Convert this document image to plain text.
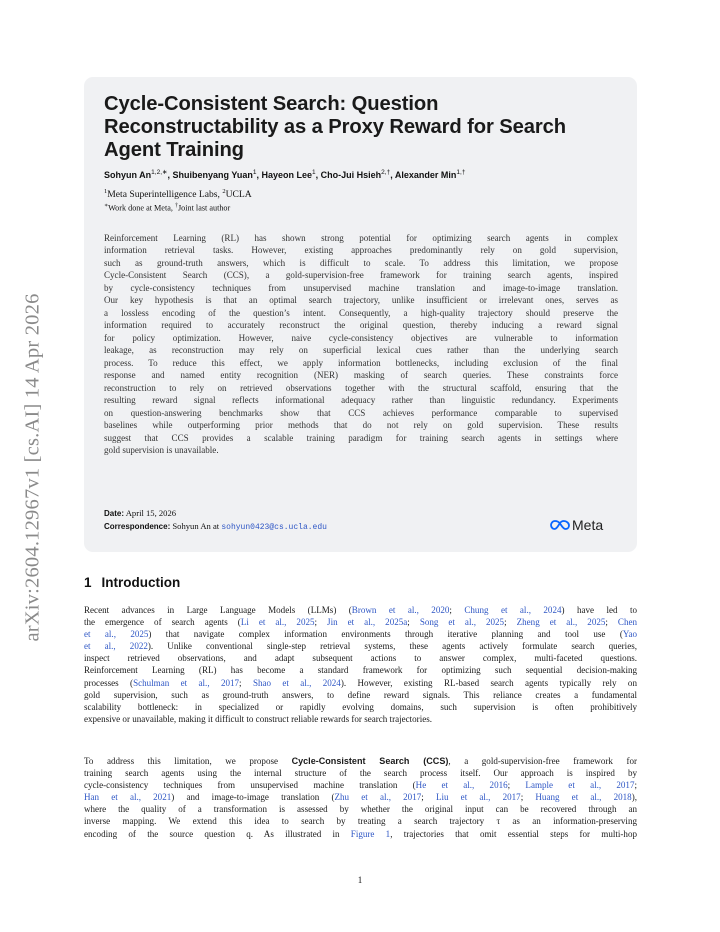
arXiv:2604.12967v1 [cs.AI] 14 Apr 2026
Cycle-Consistent Search: Question
Reconstructability as a Proxy Reward for Search
Agent Training
Sohyun $An^{1,2,∗}$, Shuibenyang Yuan$^1$, Hayeon Lee$^1$, Cho-Jui Hsieh$^{2,\dagger}$, Alexander Min$^{1,\dagger}$
$^1$Meta Superintelligence Labs, $^2$UCLA
∗Work done at Meta, †Joint last author
Reinforcement Learning (RL) has shown strong potential for optimizing search agents in complex
information retrieval tasks. However, existing approaches predominantly rely on gold supervision,
such as ground-truth answers, which is difficult to scale. To address this limitation, we propose
Cycle-Consistent Search (CCS), a gold-supervision-free framework for training search agents, inspired
by cycle-consistency techniques from unsupervised machine translation and image-to-image translation.
Our key hypothesis is that an optimal search trajectory, unlike insufficient or irrelevant ones, serves as
a lossless encoding of the question’s intent. Consequently, a high-quality trajectory should preserve the
information required to accurately reconstruct the original question, thereby inducing a reward signal
for policy optimization. However, naive cycle-consistency objectives are vulnerable to information
leakage, as reconstruction may rely on superficial lexical cues rather than the underlying search
process. To reduce this effect, we apply information bottlenecks, including exclusion of the final
response and named entity recognition (NER) masking of search queries. These constraints force
reconstruction to rely on retrieved observations together with the structural scaffold, ensuring that the
resulting reward signal reflects informational adequacy rather than linguistic redundancy. Experiments
on question-answering benchmarks show that CCS achieves performance comparable to supervised
baselines while outperforming prior methods that do not rely on gold supervision. These results
suggest that CCS provides a scalable training paradigm for training search agents in settings where
gold supervision is unavailable.
Date: April 15, 2026
Correspondence: Sohyun An at sohyun0423@cs.ucla.edu	Meta
1 Introduction
Recent advances in Large Language Models (LLMs) (Brown et al., 2020; Chung et al., 2024) have led to
the emergence of search agents (Li et al., 2025; Jin et al., 2025a; Song et al., 2025; Zheng et al., 2025; Chen
et al., 2025) that navigate complex information environments through iterative planning and tool use (Yao
et al., 2022). Unlike conventional single-step retrieval systems, these agents actively formulate search queries,
inspect retrieved observations, and adapt subsequent actions to answer complex, multi-faceted questions.
Reinforcement Learning (RL) has become a standard framework for optimizing such sequential decision-making
processes (Schulman et al., 2017; Shao et al., 2024). However, existing RL-based search agents typically rely on
gold supervision, such as ground-truth answers, to define reward signals. This reliance creates a fundamental
scalability bottleneck: in specialized or rapidly evolving domains, such supervision is often prohibitively
expensive or unavailable, making it difficult to construct reliable rewards for search trajectories.
To address this limitation, we propose Cycle-Consistent Search (CCS), a gold-supervision-free framework for
training search agents using the internal structure of the search process itself. Our approach is inspired by
cycle-consistency techniques from unsupervised machine translation (He et al., 2016; Lample et al., 2017;
Han et al., 2021) and image-to-image translation (Zhu et al., 2017; Liu et al., 2017; Huang et al., 2018),
where the quality of a transformation is assessed by whether the original input can be recovered through an
inverse mapping. We extend this idea to search by treating a search trajectory τ as an information-preserving
encoding of the source question q. As illustrated in Figure 1, trajectories that omit essential steps for multi-hop
1
